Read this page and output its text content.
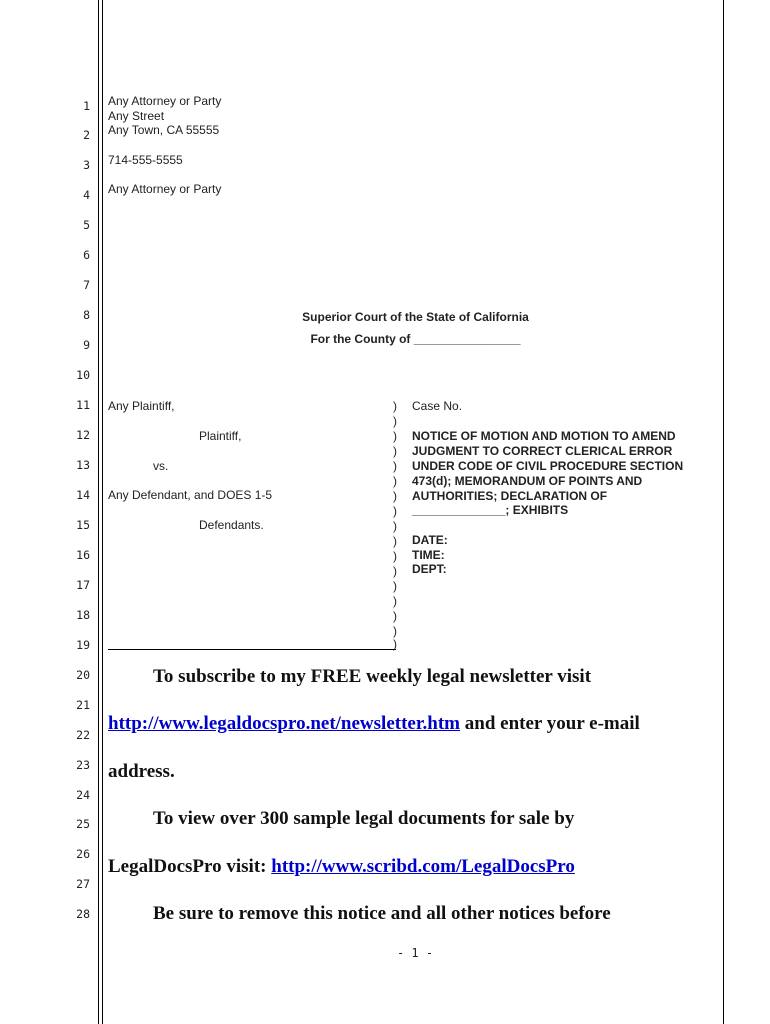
1
2
3
4
5
6
7
8
9
10
11
12
13
14
15
16
17
18
19
20
21
22
23
24
25
26
27
28
Any Attorney or Party
Any Street
Any Town, CA 55555
714-555-5555
Any Attorney or Party
Superior Court of the State of California
For the County of ________________
Any Plaintiff,
Plaintiff,
vs.
Any Defendant, and DOES 1-5
Defendants.
)
)
)
)
)
)
)
)
)
)
)
)
)
)
)
)
)
Case No.
NOTICE OF MOTION AND MOTION TO AMEND
JUDGMENT TO CORRECT CLERICAL ERROR
UNDER CODE OF CIVIL PROCEDURE SECTION
473(d); MEMORANDUM OF POINTS AND
AUTHORITIES; DECLARATION OF
______________; EXHIBITS
DATE:
TIME:
DEPT:
To subscribe to my FREE weekly legal newsletter visit
http://www.legaldocspro.net/newsletter.htm and enter your e-mail
address.
To view over 300 sample legal documents for sale by
LegalDocsPro visit: http://www.scribd.com/LegalDocsPro
Be sure to remove this notice and all other notices before
- 1 -
